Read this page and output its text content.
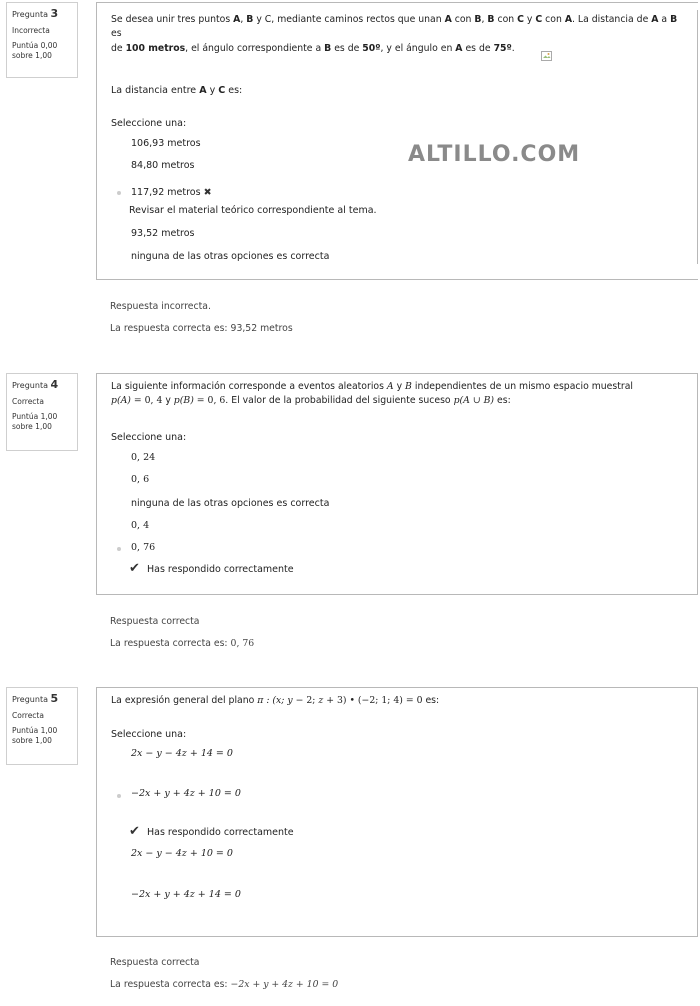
Pregunta 3
Incorrecta
Puntúa 0,00
sobre 1,00
Se desea unir tres puntos A, B y C, mediante caminos rectos que unan A con B, B con C y C con A. La distancia de A a B es
de 100 metros, el ángulo correspondiente a B es de 50º, y el ángulo en A es de 75º.
La distancia entre A y C es:
Seleccione una:
106,93 metros
84,80 metros
117,92 metros ✖
Revisar el material teórico correspondiente al tema.
93,52 metros
ninguna de las otras opciones es correcta
ALTILLO.COM
Respuesta incorrecta.
La respuesta correcta es: 93,52 metros
Pregunta 4
Correcta
Puntúa 1,00
sobre 1,00
La siguiente información corresponde a eventos aleatorios A y B independientes de un mismo espacio muestral
p(A) = 0, 4 y p(B) = 0, 6. El valor de la probabilidad del siguiente suceso p(A ∪ B) es:
Seleccione una:
0, 24
0, 6
ninguna de las otras opciones es correcta
0, 4
0, 76
✔ Has respondido correctamente
Respuesta correcta
La respuesta correcta es: 0, 76
Pregunta 5
Correcta
Puntúa 1,00
sobre 1,00
La expresión general del plano π : (x; y − 2; z + 3) • (−2; 1; 4) = 0 es:
Seleccione una:
2x − y − 4z + 14 = 0
−2x + y + 4z + 10 = 0
✔ Has respondido correctamente
2x − y − 4z + 10 = 0
−2x + y + 4z + 14 = 0
Respuesta correcta
La respuesta correcta es: −2x + y + 4z + 10 = 0
